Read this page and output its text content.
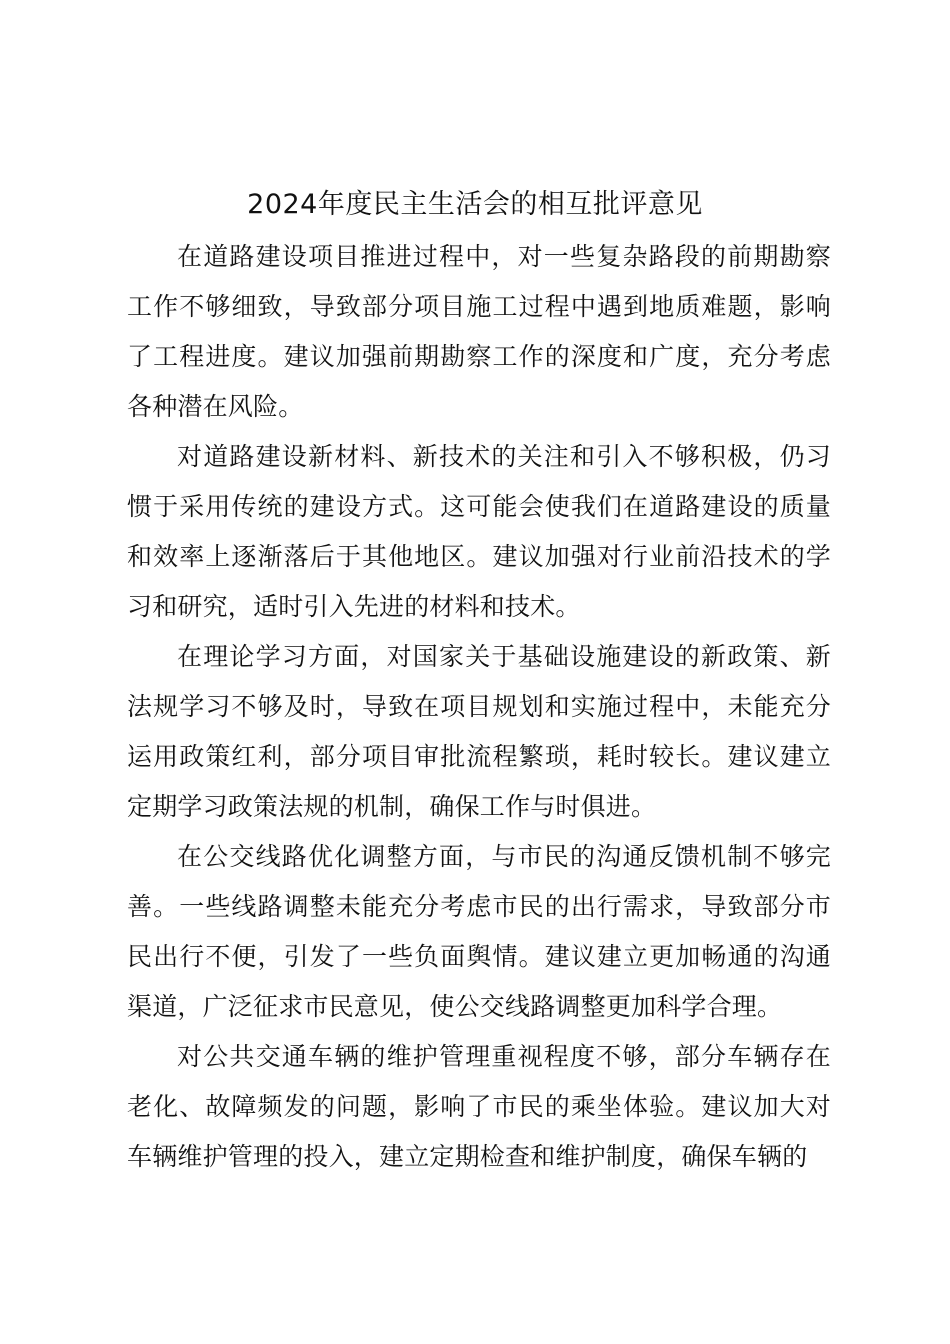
2024年度民主生活会的相互批评意见

在道路建设项目推进过程中，对一些复杂路段的前期勘察工作不够细致，导致部分项目施工过程中遇到地质难题，影响了工程进度。建议加强前期勘察工作的深度和广度，充分考虑各种潜在风险。

对道路建设新材料、新技术的关注和引入不够积极，仍习惯于采用传统的建设方式。这可能会使我们在道路建设的质量和效率上逐渐落后于其他地区。建议加强对行业前沿技术的学习和研究，适时引入先进的材料和技术。

在理论学习方面，对国家关于基础设施建设的新政策、新法规学习不够及时，导致在项目规划和实施过程中，未能充分运用政策红利，部分项目审批流程繁琐，耗时较长。建议建立定期学习政策法规的机制，确保工作与时俱进。

在公交线路优化调整方面，与市民的沟通反馈机制不够完善。一些线路调整未能充分考虑市民的出行需求，导致部分市民出行不便，引发了一些负面舆情。建议建立更加畅通的沟通渠道，广泛征求市民意见，使公交线路调整更加科学合理。

对公共交通车辆的维护管理重视程度不够，部分车辆存在老化、故障频发的问题，影响了市民的乘坐体验。建议加大对车辆维护管理的投入，建立定期检查和维护制度，确保车辆的
